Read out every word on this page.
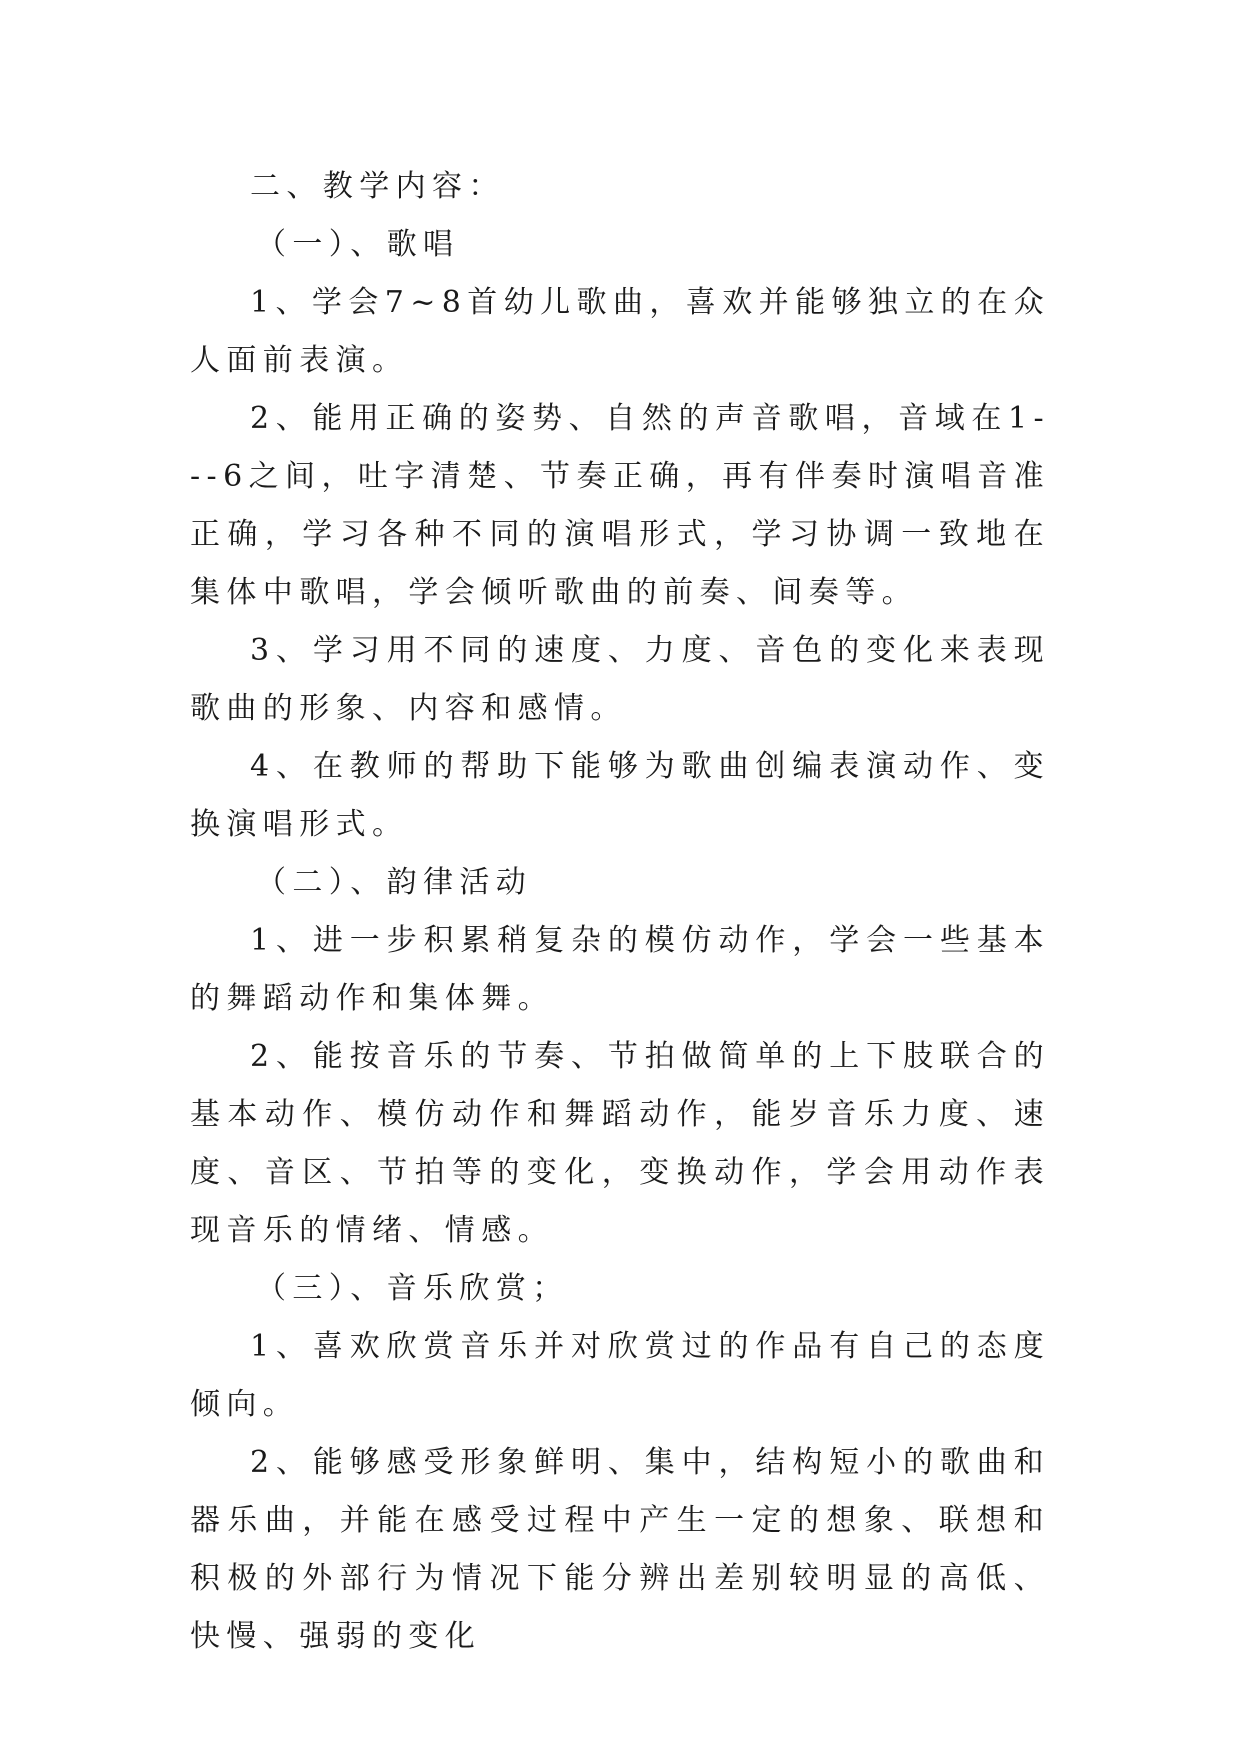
二、教学内容：

（一）、歌唱

1、学会7~8首幼儿歌曲，喜欢并能够独立的在众人面前表演。

2、能用正确的姿势、自然的声音歌唱，音域在1---6之间，吐字清楚、节奏正确，再有伴奏时演唱音准正确，学习各种不同的演唱形式，学习协调一致地在集体中歌唱，学会倾听歌曲的前奏、间奏等。

3、学习用不同的速度、力度、音色的变化来表现歌曲的形象、内容和感情。

4、在教师的帮助下能够为歌曲创编表演动作、变换演唱形式。

（二）、韵律活动

1、进一步积累稍复杂的模仿动作，学会一些基本的舞蹈动作和集体舞。

2、能按音乐的节奏、节拍做简单的上下肢联合的基本动作、模仿动作和舞蹈动作，能岁音乐力度、速度、音区、节拍等的变化，变换动作，学会用动作表现音乐的情绪、情感。

（三）、音乐欣赏；

1、喜欢欣赏音乐并对欣赏过的作品有自己的态度倾向。

2、能够感受形象鲜明、集中，结构短小的歌曲和器乐曲，并能在感受过程中产生一定的想象、联想和积极的外部行为情况下能分辨出差别较明显的高低、快慢、强弱的变化
